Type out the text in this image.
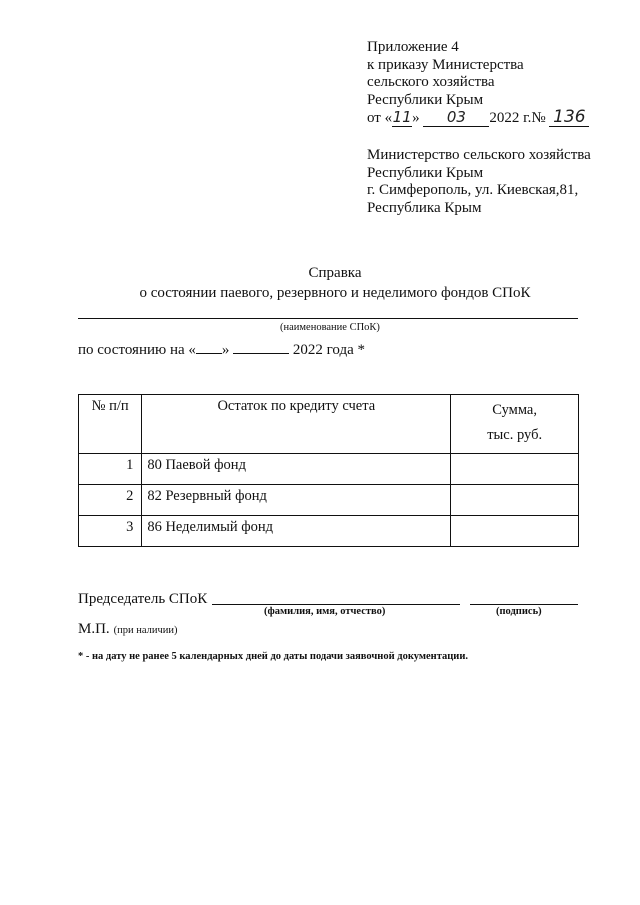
Приложение 4
к приказу Министерства
сельского хозяйства
Республики Крым
от «11» 03 2022 г.№ 136
Министерство сельского хозяйства
Республики Крым
г. Симферополь, ул. Киевская,81,
Республика Крым
Справка
о состоянии паевого, резервного и неделимого фондов СПоК
(наименование СПоК)
по состоянию на « »	2022 года *
№ п/п	Остаток по кредиту счета	Сумма,
тыс. руб.

1	80 Паевой фонд	
2	82 Резервный фонд	
3	86 Неделимый фонд	
Председатель СПоК
(фамилия, имя, отчество)	(подпись)
М.П. (при наличии)
* - на дату не ранее 5 календарных дней до даты подачи заявочной документации.
